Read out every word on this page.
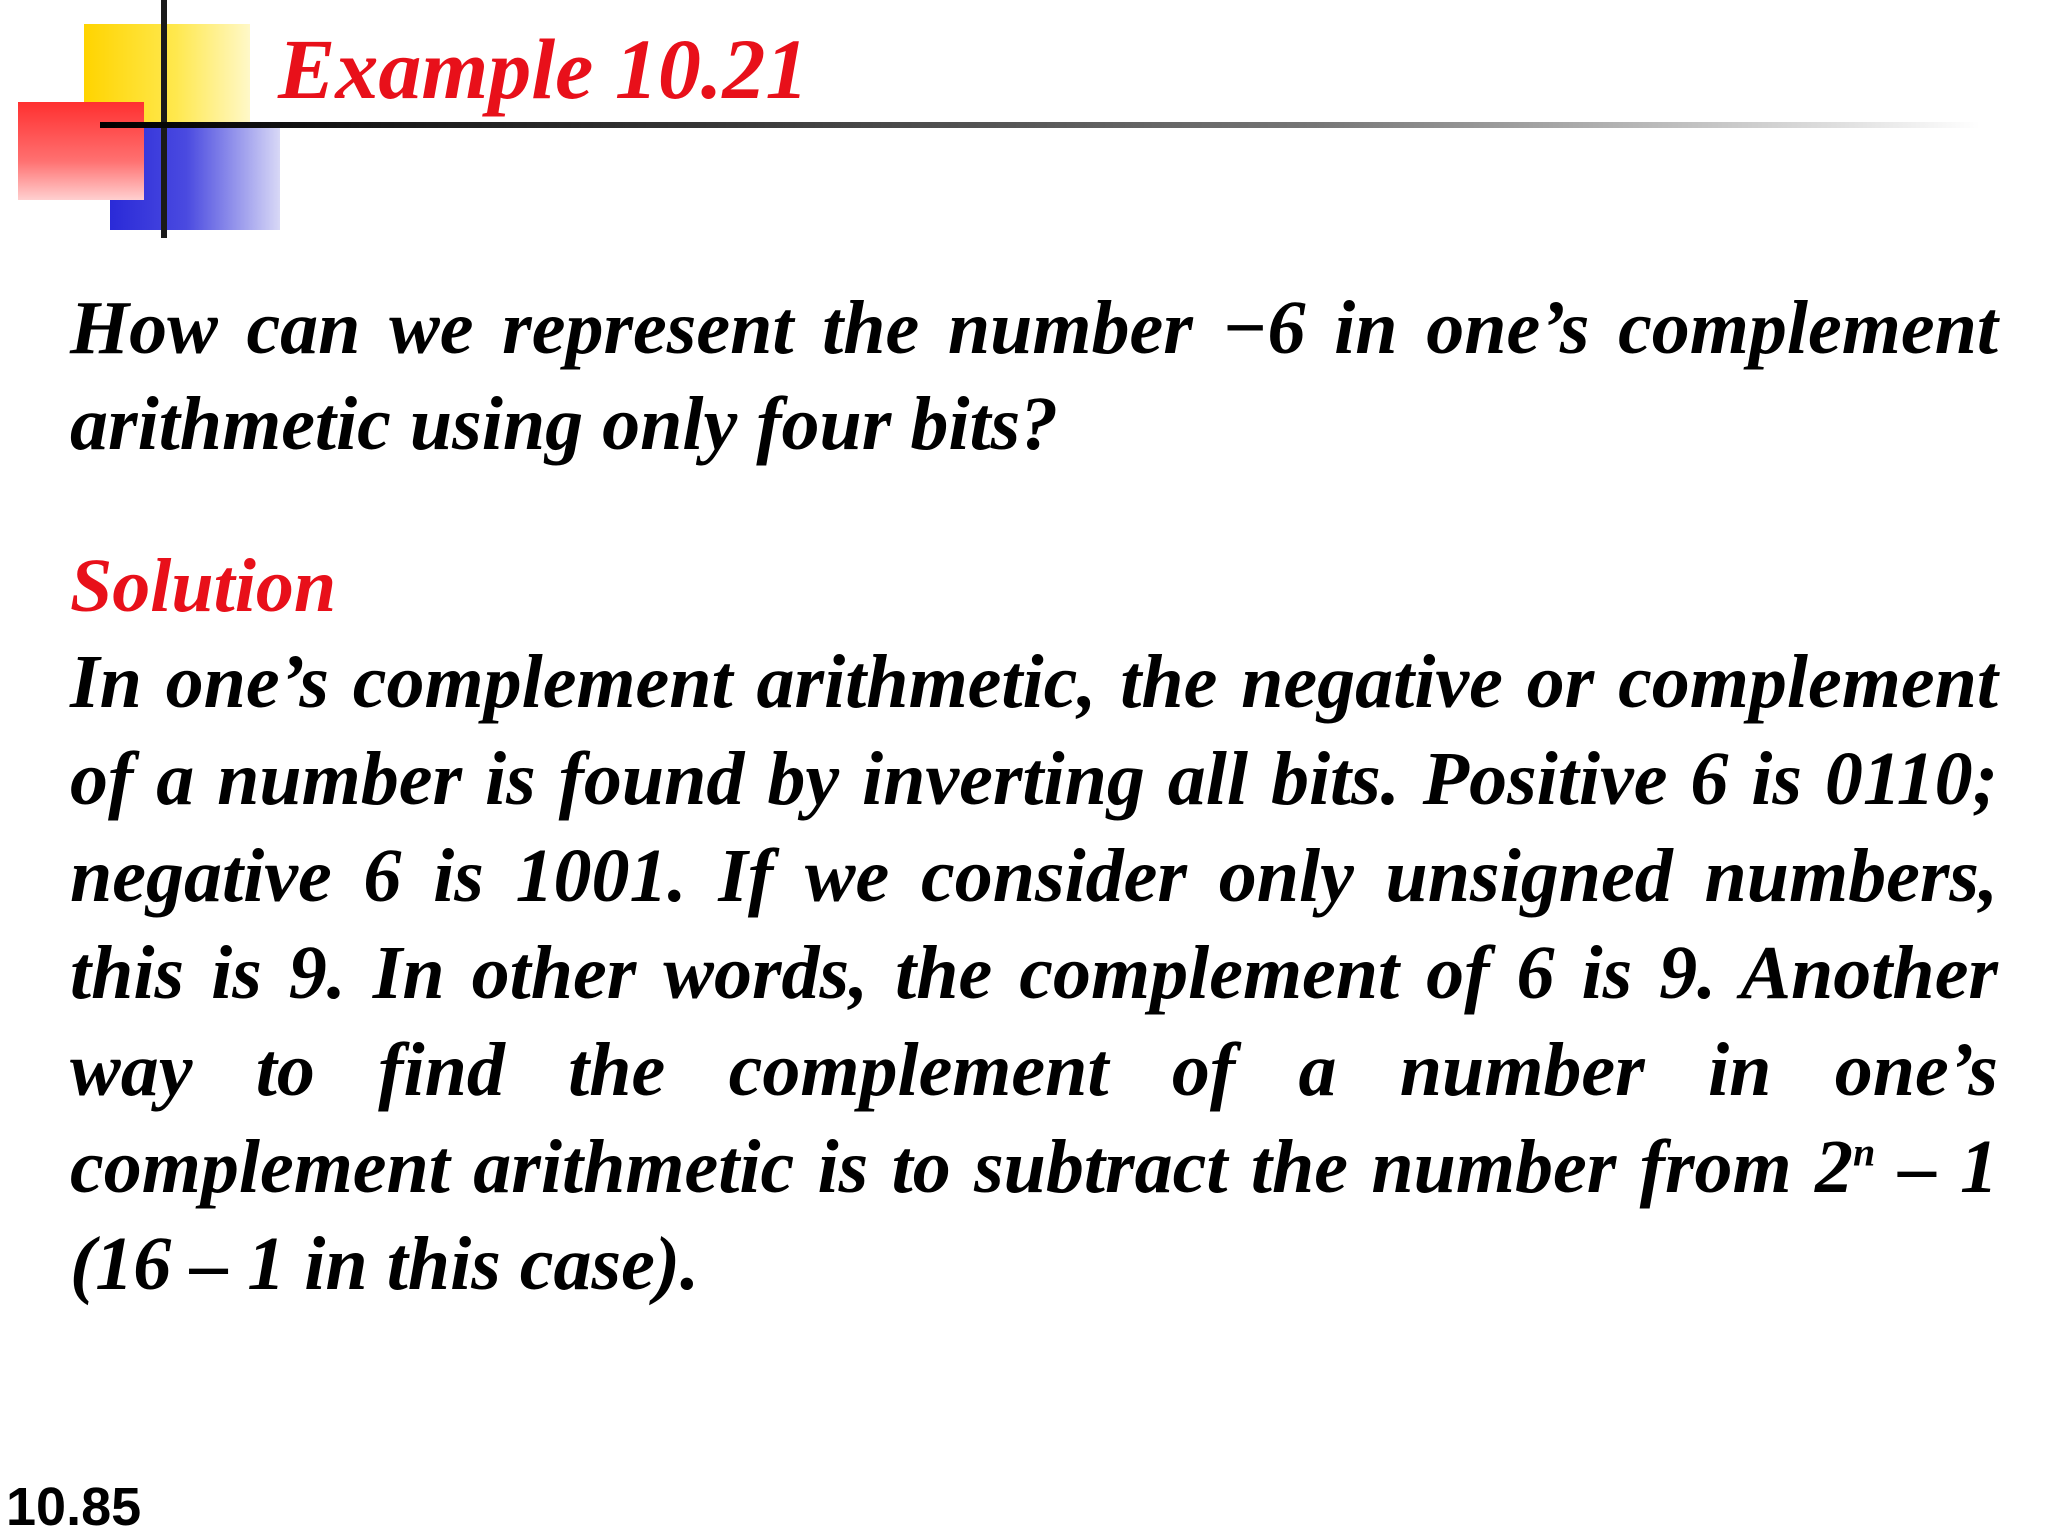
Example 10.21

How can we represent the number −6 in one’s complement arithmetic using only four bits?

Solution

In one’s complement arithmetic, the negative or complement of a number is found by inverting all bits. Positive 6 is 0110; negative 6 is 1001. If we consider only unsigned numbers, this is 9. In other words, the complement of 6 is 9. Another way to find the complement of a number in one’s complement arithmetic is to subtract the number from 2$^n$ – 1 (16 – 1 in this case).

10.85
